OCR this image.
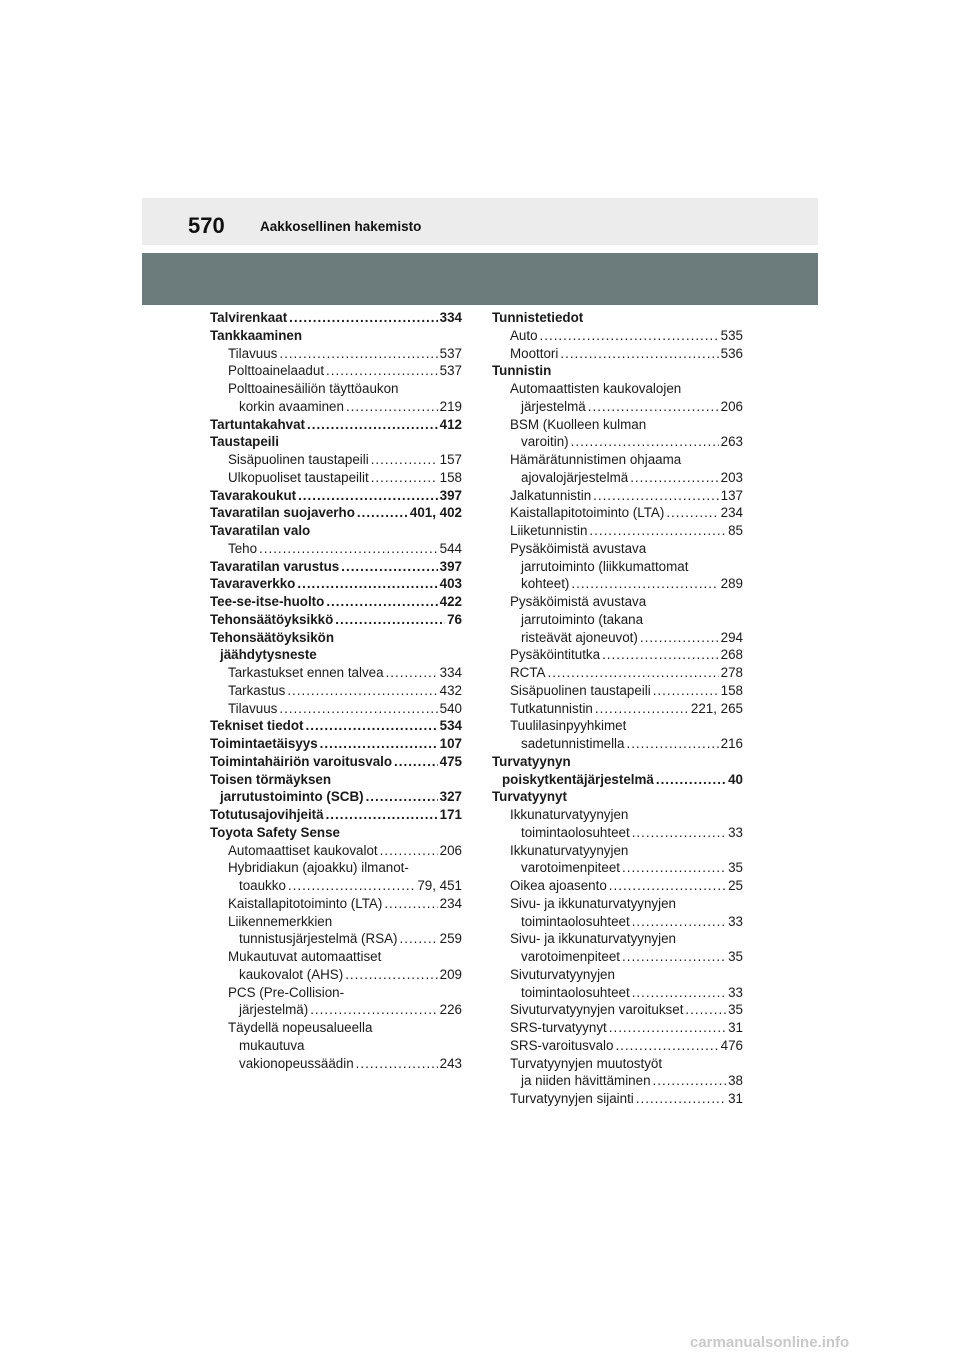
570	Aakkosellinen hakemisto
Talvirenkaat .....	334
Tankkaaminen
Tilavuus .....	537
Polttoainelaadut .....	537
Polttoainesäiliön täyttöaukon
korkin avaaminen .....	219
Tartuntakahvat .....	412
Taustapeili
Sisäpuolinen taustapeili .....	157
Ulkopuoliset taustapeilit .....	158
Tavarakoukut .....	397
Tavaratilan suojaverho .....	401, 402
Tavaratilan valo
Teho .....	544
Tavaratilan varustus .....	397
Tavaraverkko .....	403
Tee-se-itse-huolto .....	422
Tehonsäätöyksikkö .....	76
Tehonsäätöyksikön
jäähdytysneste
Tarkastukset ennen talvea .....	334
Tarkastus .....	432
Tilavuus .....	540
Tekniset tiedot .....	534
Toimintaetäisyys .....	107
Toimintahäiriön varoitusvalo .....	475
Toisen törmäyksen
jarrutustoiminto (SCB) .....	327
Totutusajovihjeitä .....	171
Toyota Safety Sense
Automaattiset kaukovalot .....	206
Hybridiakun (ajoakku) ilmanot-
toaukko .....	79, 451
Kaistallapitotoiminto (LTA) .....	234
Liikennemerkkien
tunnistusjärjestelmä (RSA) .....	259
Mukautuvat automaattiset
kaukovalot (AHS) .....	209
PCS (Pre-Collision-
järjestelmä) .....	226
Täydellä nopeusalueella
mukautuva
vakionopeussäädin .....	243
Tunnistetiedot
Auto .....	535
Moottori .....	536
Tunnistin
Automaattisten kaukovalojen
järjestelmä .....	206
BSM (Kuolleen kulman
varoitin) .....	263
Hämärätunnistimen ohjaama
ajovalojärjestelmä .....	203
Jalkatunnistin .....	137
Kaistallapitotoiminto (LTA) .....	234
Liiketunnistin .....	85
Pysäköimistä avustava
jarrutoiminto (liikkumattomat
kohteet) .....	289
Pysäköimistä avustava
jarrutoiminto (takana
risteävät ajoneuvot) .....	294
Pysäköintitutka .....	268
RCTA .....	278
Sisäpuolinen taustapeili .....	158
Tutkatunnistin .....	221, 265
Tuulilasinpyyhkimet
sadetunnistimella .....	216
Turvatyynyn
poiskytkentäjärjestelmä .....	40
Turvatyynyt
Ikkunaturvatyynyjen
toimintaolosuhteet .....	33
Ikkunaturvatyynyjen
varotoimenpiteet .....	35
Oikea ajoasento .....	25
Sivu- ja ikkunaturvatyynyjen
toimintaolosuhteet .....	33
Sivu- ja ikkunaturvatyynyjen
varotoimenpiteet .....	35
Sivuturvatyynyjen
toimintaolosuhteet .....	33
Sivuturvatyynyjen varoitukset .....	35
SRS-turvatyynyt .....	31
SRS-varoitusvalo .....	476
Turvatyynyjen muutostyöt
ja niiden hävittäminen .....	38
Turvatyynyjen sijainti .....	31
carmanualsonline.info
